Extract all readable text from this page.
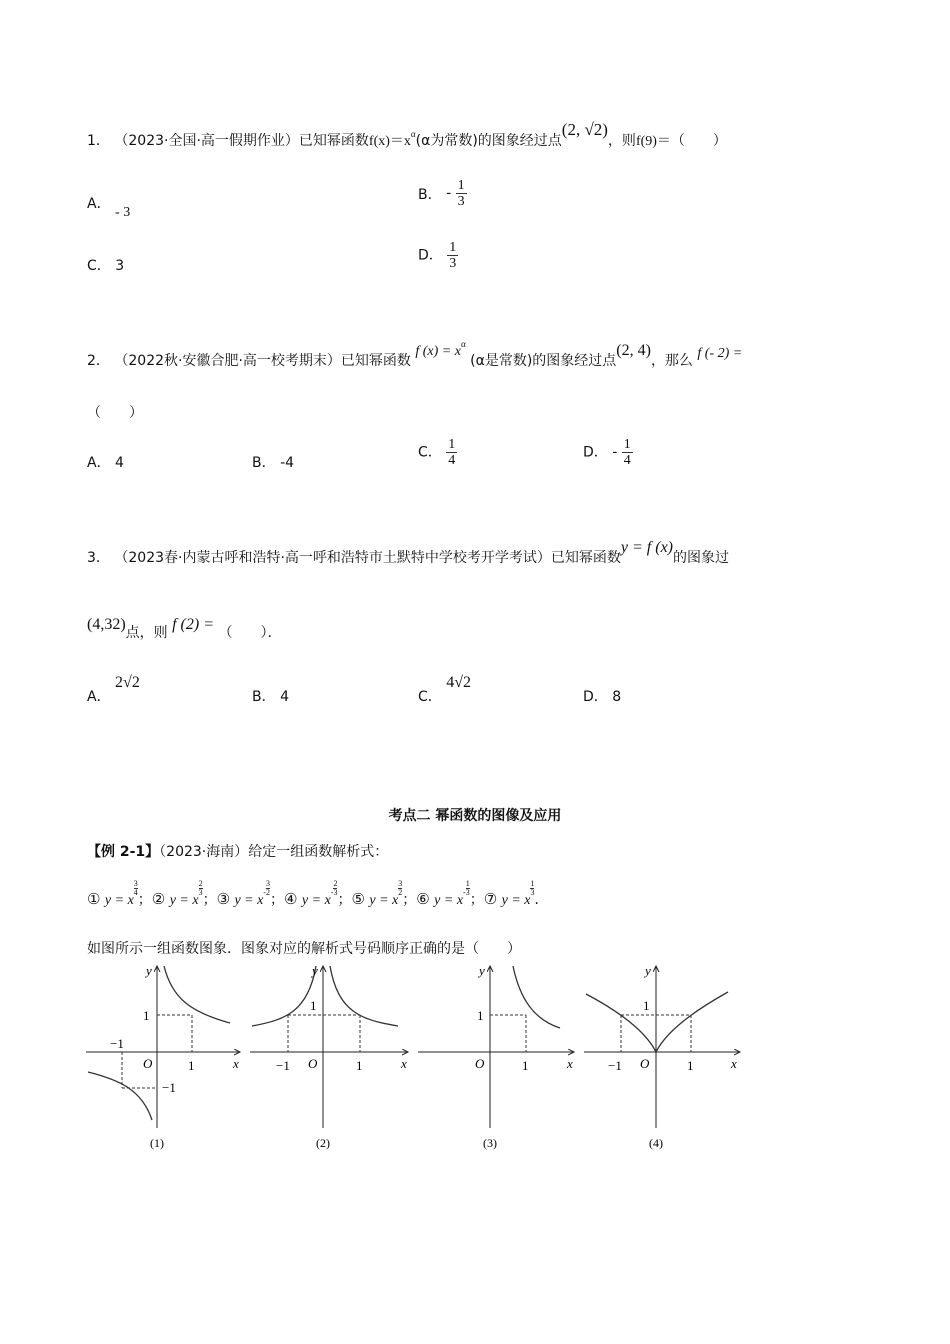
1． （2023·全国·高一假期作业）已知幂函数$f(x)=x^\alpha(\alpha$为常数)的图象经过点(2, √2)，则f(9)＝（　　）
A． - 3
B． - $\frac{1}{3}$
C． 3
D． $\frac{1}{3}$
2． （2022秋·安徽合肥·高一校考期末）已知幂函数 f $(x) = x^\alpha$ (α是常数)的图象经过点(2, 4)，那么 f (- 2) =
（　　）
A． 4	B． -4
C． $\frac{1}{4}$	D． - $\frac{1}{4}$
3． （2023春·内蒙古呼和浩特·高一呼和浩特市土默特中学校考开学考试）已知幂函数y = f (x)的图象过
(4,32)点，则 f (2) = （　　）．
A． 2√2
B． 4	C． 4√2
D． 8
考点二 幂函数的图像及应用
【例 2-1】（2023·海南）给定一组函数解析式：
① y = x
$\frac{3}{4}$
；② y = x
$\frac{2}{3}$
；③ $y = x- \frac{3}{2}$
；④ $y = x- \frac{2}{3}$
；⑤ y = x
$\frac{3}{2}$
；⑥ $y = x- \frac{1}{3}$
；⑦ y = x
$\frac{1}{3}$
．
如图所示一组函数图象．图象对应的解析式号码顺序正确的是（　　）
1
1
−1
−1
O	x
y
(1)
1
1
−1 O	x
y
(2)
1
1
O	x
y
(3)
1
1
−1 O	x
y
(4)
